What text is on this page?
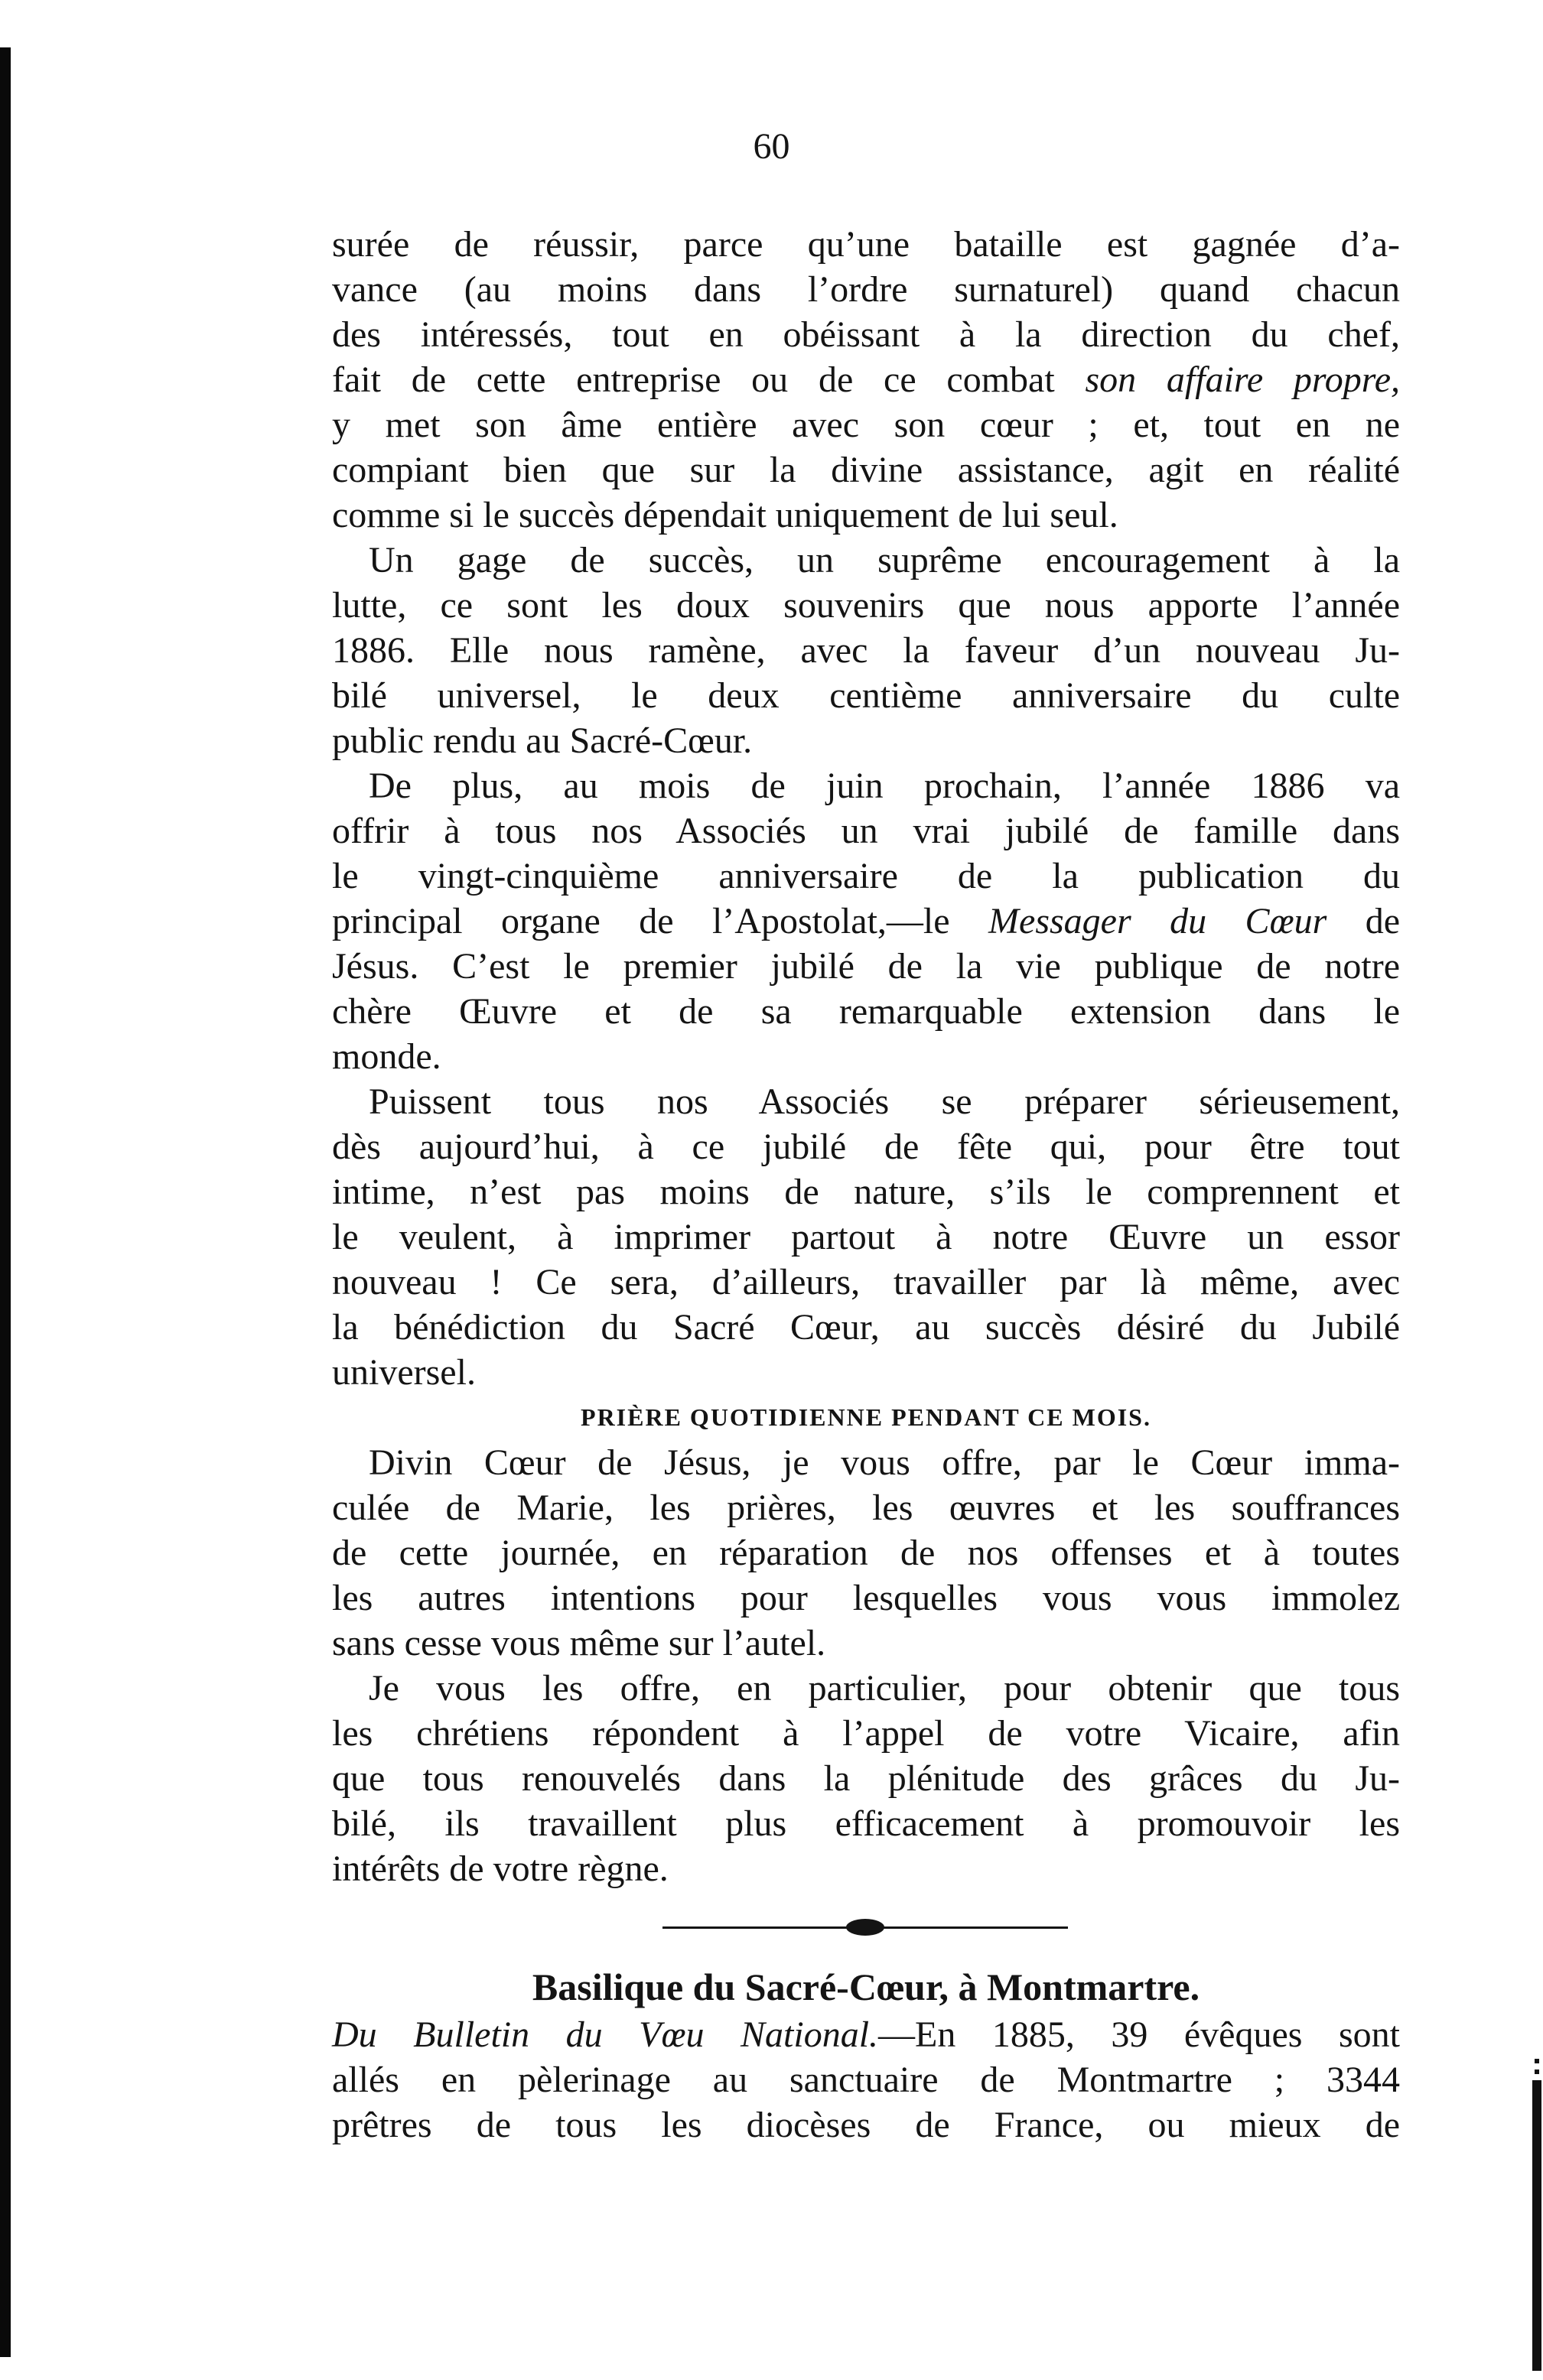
60
surée de réussir, parce qu’une bataille est gagnée d’a-
vance (au moins dans l’ordre surnaturel) quand chacun
des intéressés, tout en obéissant à la direction du chef,
fait de cette entreprise ou de ce combat son affaire propre,
y met son âme entière avec son cœur ; et, tout en ne
compiant bien que sur la divine assistance, agit en réalité
comme si le succès dépendait uniquement de lui seul.
Un gage de succès, un suprême encouragement à la
lutte, ce sont les doux souvenirs que nous apporte l’année
1886. Elle nous ramène, avec la faveur d’un nouveau Ju-
bilé universel, le deux centième anniversaire du culte
public rendu au Sacré-Cœur.
De plus, au mois de juin prochain, l’année 1886 va
offrir à tous nos Associés un vrai jubilé de famille dans
le vingt-cinquième anniversaire de la publication du
principal organe de l’Apostolat,—le Messager du Cœur de
Jésus. C’est le premier jubilé de la vie publique de notre
chère Œuvre et de sa remarquable extension dans le
monde.
Puissent tous nos Associés se préparer sérieusement,
dès aujourd’hui, à ce jubilé de fête qui, pour être tout
intime, n’est pas moins de nature, s’ils le comprennent et
le veulent, à imprimer partout à notre Œuvre un essor
nouveau ! Ce sera, d’ailleurs, travailler par là même, avec
la bénédiction du Sacré Cœur, au succès désiré du Jubilé
universel.
PRIÈRE QUOTIDIENNE PENDANT CE MOIS.
Divin Cœur de Jésus, je vous offre, par le Cœur imma-
culée de Marie, les prières, les œuvres et les souffrances
de cette journée, en réparation de nos offenses et à toutes
les autres intentions pour lesquelles vous vous immolez
sans cesse vous même sur l’autel.
Je vous les offre, en particulier, pour obtenir que tous
les chrétiens répondent à l’appel de votre Vicaire, afin
que tous renouvelés dans la plénitude des grâces du Ju-
bilé, ils travaillent plus efficacement à promouvoir les
intérêts de votre règne.
Basilique du Sacré-Cœur, à Montmartre.
Du Bulletin du Vœu National.—En 1885, 39 évêques sont
allés en pèlerinage au sanctuaire de Montmartre ; 3344
prêtres de tous les diocèses de France, ou mieux de
